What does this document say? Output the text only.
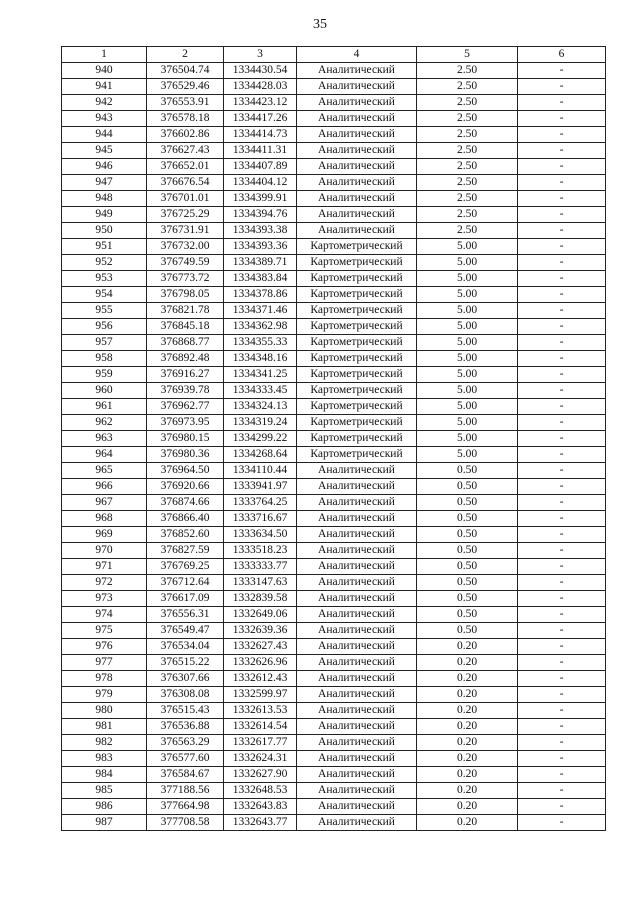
35
1	2	3	4	5	6
940	376504.74	1334430.54	Аналитический	2.50	-
941	376529.46	1334428.03	Аналитический	2.50	-
942	376553.91	1334423.12	Аналитический	2.50	-
943	376578.18	1334417.26	Аналитический	2.50	-
944	376602.86	1334414.73	Аналитический	2.50	-
945	376627.43	1334411.31	Аналитический	2.50	-
946	376652.01	1334407.89	Аналитический	2.50	-
947	376676.54	1334404.12	Аналитический	2.50	-
948	376701.01	1334399.91	Аналитический	2.50	-
949	376725.29	1334394.76	Аналитический	2.50	-
950	376731.91	1334393.38	Аналитический	2.50	-
951	376732.00	1334393.36	Картометрический	5.00	-
952	376749.59	1334389.71	Картометрический	5.00	-
953	376773.72	1334383.84	Картометрический	5.00	-
954	376798.05	1334378.86	Картометрический	5.00	-
955	376821.78	1334371.46	Картометрический	5.00	-
956	376845.18	1334362.98	Картометрический	5.00	-
957	376868.77	1334355.33	Картометрический	5.00	-
958	376892.48	1334348.16	Картометрический	5.00	-
959	376916.27	1334341.25	Картометрический	5.00	-
960	376939.78	1334333.45	Картометрический	5.00	-
961	376962.77	1334324.13	Картометрический	5.00	-
962	376973.95	1334319.24	Картометрический	5.00	-
963	376980.15	1334299.22	Картометрический	5.00	-
964	376980.36	1334268.64	Картометрический	5.00	-
965	376964.50	1334110.44	Аналитический	0.50	-
966	376920.66	1333941.97	Аналитический	0.50	-
967	376874.66	1333764.25	Аналитический	0.50	-
968	376866.40	1333716.67	Аналитический	0.50	-
969	376852.60	1333634.50	Аналитический	0.50	-
970	376827.59	1333518.23	Аналитический	0.50	-
971	376769.25	1333333.77	Аналитический	0.50	-
972	376712.64	1333147.63	Аналитический	0.50	-
973	376617.09	1332839.58	Аналитический	0.50	-
974	376556.31	1332649.06	Аналитический	0.50	-
975	376549.47	1332639.36	Аналитический	0.50	-
976	376534.04	1332627.43	Аналитический	0.20	-
977	376515.22	1332626.96	Аналитический	0.20	-
978	376307.66	1332612.43	Аналитический	0.20	-
979	376308.08	1332599.97	Аналитический	0.20	-
980	376515.43	1332613.53	Аналитический	0.20	-
981	376536.88	1332614.54	Аналитический	0.20	-
982	376563.29	1332617.77	Аналитический	0.20	-
983	376577.60	1332624.31	Аналитический	0.20	-
984	376584.67	1332627.90	Аналитический	0.20	-
985	377188.56	1332648.53	Аналитический	0.20	-
986	377664.98	1332643.83	Аналитический	0.20	-
987	377708.58	1332643.77	Аналитический	0.20	-
